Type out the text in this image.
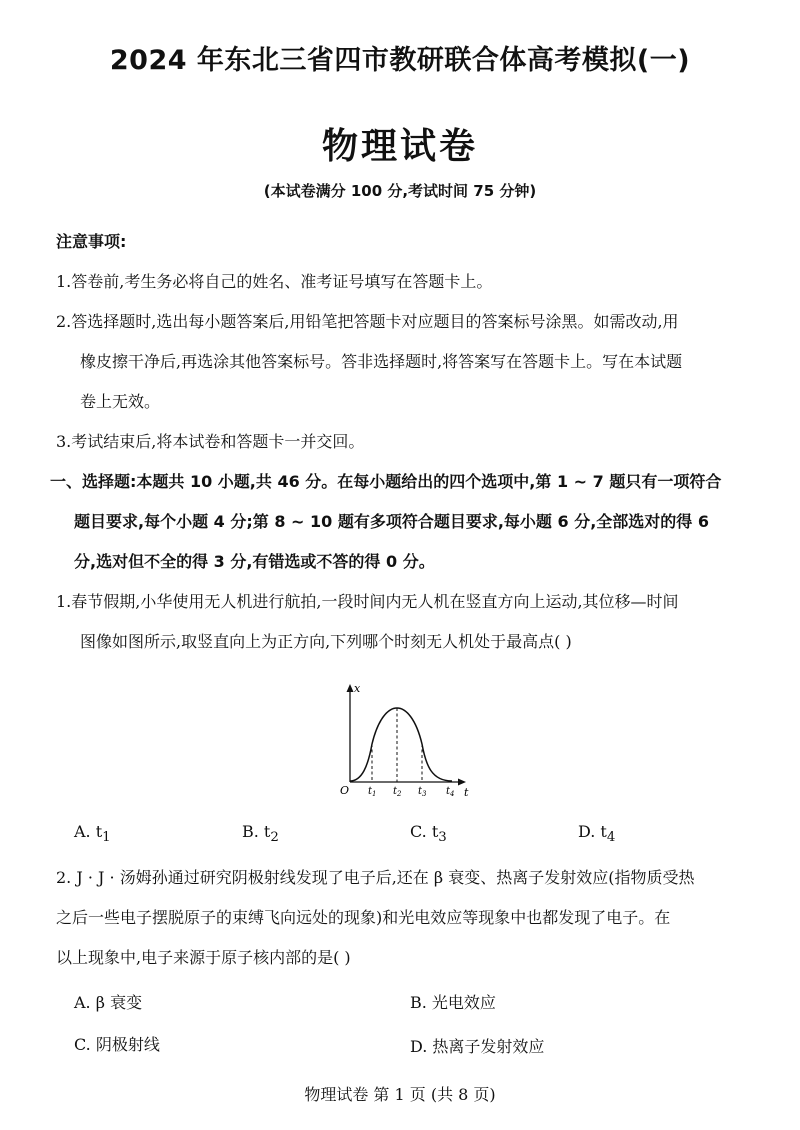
2024 年东北三省四市教研联合体高考模拟(一)
物理试卷
(本试卷满分 100 分,考试时间 75 分钟)
注意事项:
1.答卷前,考生务必将自己的姓名、准考证号填写在答题卡上。
2.答选择题时,选出每小题答案后,用铅笔把答题卡对应题目的答案标号涂黑。如需改动,用
橡皮擦干净后,再选涂其他答案标号。答非选择题时,将答案写在答题卡上。写在本试题
卷上无效。
3.考试结束后,将本试卷和答题卡一并交回。
一、选择题:本题共 10 小题,共 46 分。在每小题给出的四个选项中,第 1 ~ 7 题只有一项符合
题目要求,每个小题 4 分;第 8 ~ 10 题有多项符合题目要求,每小题 6 分,全部选对的得 6
分,选对但不全的得 3 分,有错选或不答的得 0 分。
1.春节假期,小华使用无人机进行航拍,一段时间内无人机在竖直方向上运动,其位移—时间
图像如图所示,取竖直向上为正方向,下列哪个时刻无人机处于最高点( )
x
t
O $t_1$ $t_2$ $t_3$ $t_4$
A. $t_1$	B. $t_2$	C. $t_3$	D. $t_4$
2. J · J · 汤姆孙通过研究阴极射线发现了电子后,还在 β 衰变、热离子发射效应(指物质受热
之后一些电子摆脱原子的束缚飞向远处的现象)和光电效应等现象中也都发现了电子。在
以上现象中,电子来源于原子核内部的是( )
A. β 衰变	B. 光电效应
C. 阴极射线	D. 热离子发射效应
物理试卷 第 1 页 (共 8 页)
